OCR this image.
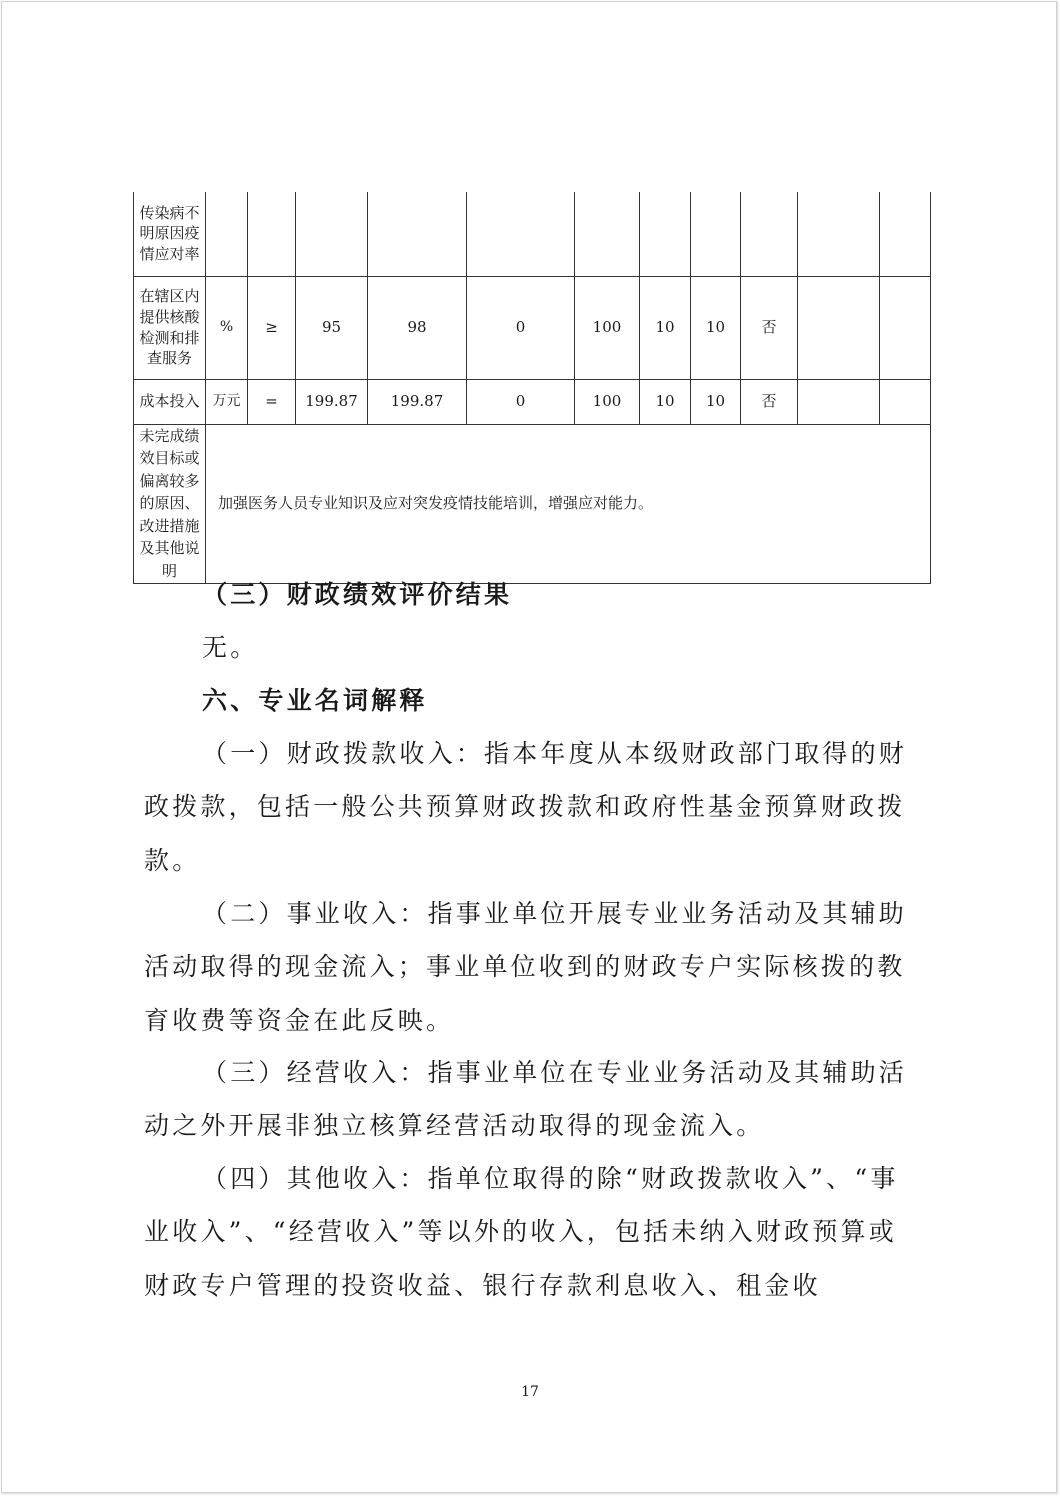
传染病不明原因疫情应对率											
在辖区内提供核酸检测和排查服务	%	≥	95	98	0	100	10	10	否		
成本投入	万元	=	199.87	199.87	0	100	10	10	否		
未完成绩效目标或偏离较多的原因、改进措施及其他说明	加强医务人员专业知识及应对突发疫情技能培训，增强应对能力。										

（三）财政绩效评价结果

无。

六、专业名词解释

（一）财政拨款收入：指本年度从本级财政部门取得的财政拨款，包括一般公共预算财政拨款和政府性基金预算财政拨款。

（二）事业收入：指事业单位开展专业业务活动及其辅助活动取得的现金流入；事业单位收到的财政专户实际核拨的教育收费等资金在此反映。

（三）经营收入：指事业单位在专业业务活动及其辅助活动之外开展非独立核算经营活动取得的现金流入。

（四）其他收入：指单位取得的除“财政拨款收入”、“事业收入”、“经营收入”等以外的收入，包括未纳入财政预算或财政专户管理的投资收益、银行存款利息收入、租金收

17
